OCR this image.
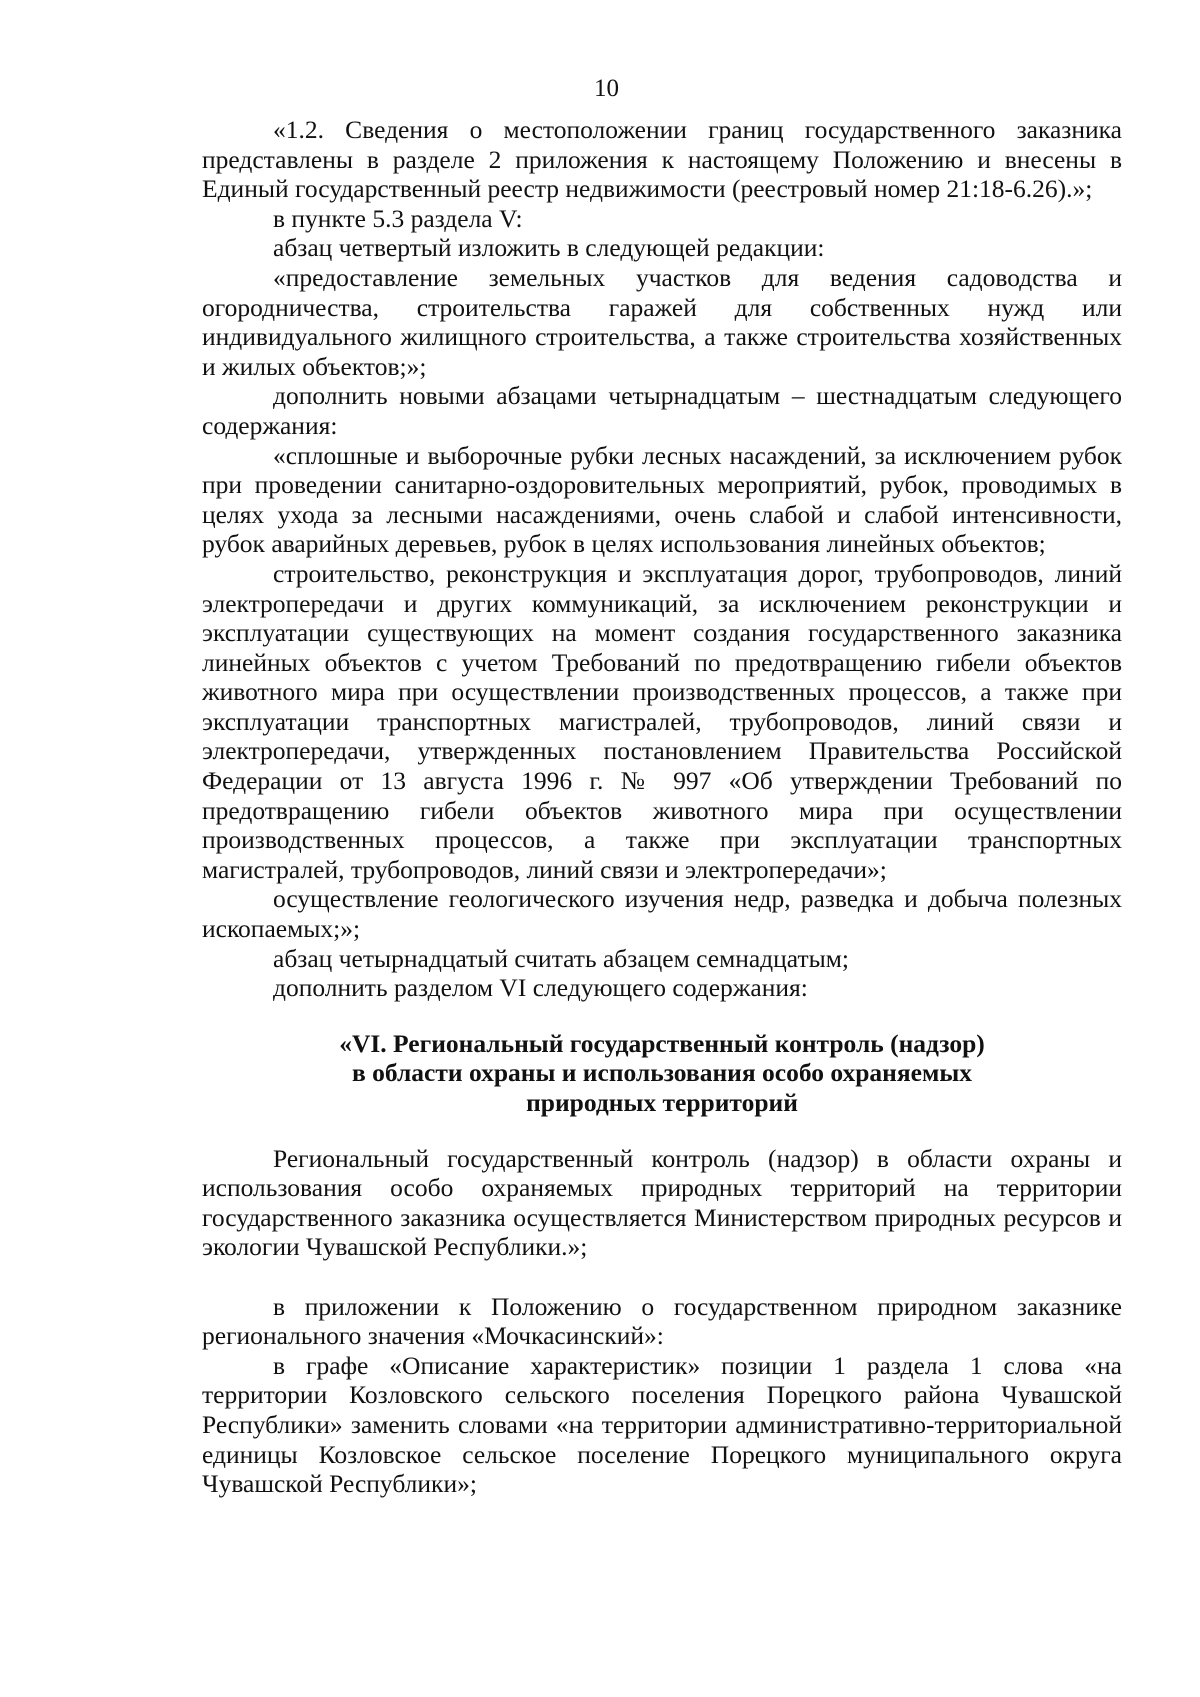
10

«1.2. Сведения о местоположении границ государственного заказника представлены в разделе 2 приложения к настоящему Положению и внесены в Единый государственный реестр недвижимости (реестровый номер 21:18-6.26).»;

в пункте 5.3 раздела V:

абзац четвертый изложить в следующей редакции:

«предоставление земельных участков для ведения садоводства и огородничества, строительства гаражей для собственных нужд или индивидуального жилищного строительства, а также строительства хозяйственных и жилых объектов;»;

дополнить новыми абзацами четырнадцатым – шестнадцатым следующего содержания:

«сплошные и выборочные рубки лесных насаждений, за исключением рубок при проведении санитарно-оздоровительных мероприятий, рубок, проводимых в целях ухода за лесными насаждениями, очень слабой и слабой интенсивности, рубок аварийных деревьев, рубок в целях использования линейных объектов;

строительство, реконструкция и эксплуатация дорог, трубопроводов, линий электропередачи и других коммуникаций, за исключением реконструкции и эксплуатации существующих на момент создания государственного заказника линейных объектов с учетом Требований по предотвращению гибели объектов животного мира при осуществлении производственных процессов, а также при эксплуатации транспортных магистралей, трубопроводов, линий связи и электропередачи, утвержденных постановлением Правительства Российской Федерации от 13 августа 1996 г. № 997 «Об утверждении Требований по предотвращению гибели объектов животного мира при осуществлении производственных процессов, а также при эксплуатации транспортных магистралей, трубопроводов, линий связи и электропередачи»;

осуществление геологического изучения недр, разведка и добыча полезных ископаемых;»;

абзац четырнадцатый считать абзацем семнадцатым;

дополнить разделом VI следующего содержания:

«VI. Региональный государственный контроль (надзор)
в области охраны и использования особо охраняемых
природных территорий

Региональный государственный контроль (надзор) в области охраны и использования особо охраняемых природных территорий на территории государственного заказника осуществляется Министерством природных ресурсов и экологии Чувашской Республики.»;

в приложении к Положению о государственном природном заказнике регионального значения «Мочкасинский»:

в графе «Описание характеристик» позиции 1 раздела 1 слова «на территории Козловского сельского поселения Порецкого района Чувашской Республики» заменить словами «на территории административно-территориальной единицы Козловское сельское поселение Порецкого муниципального округа Чувашской Республики»;
